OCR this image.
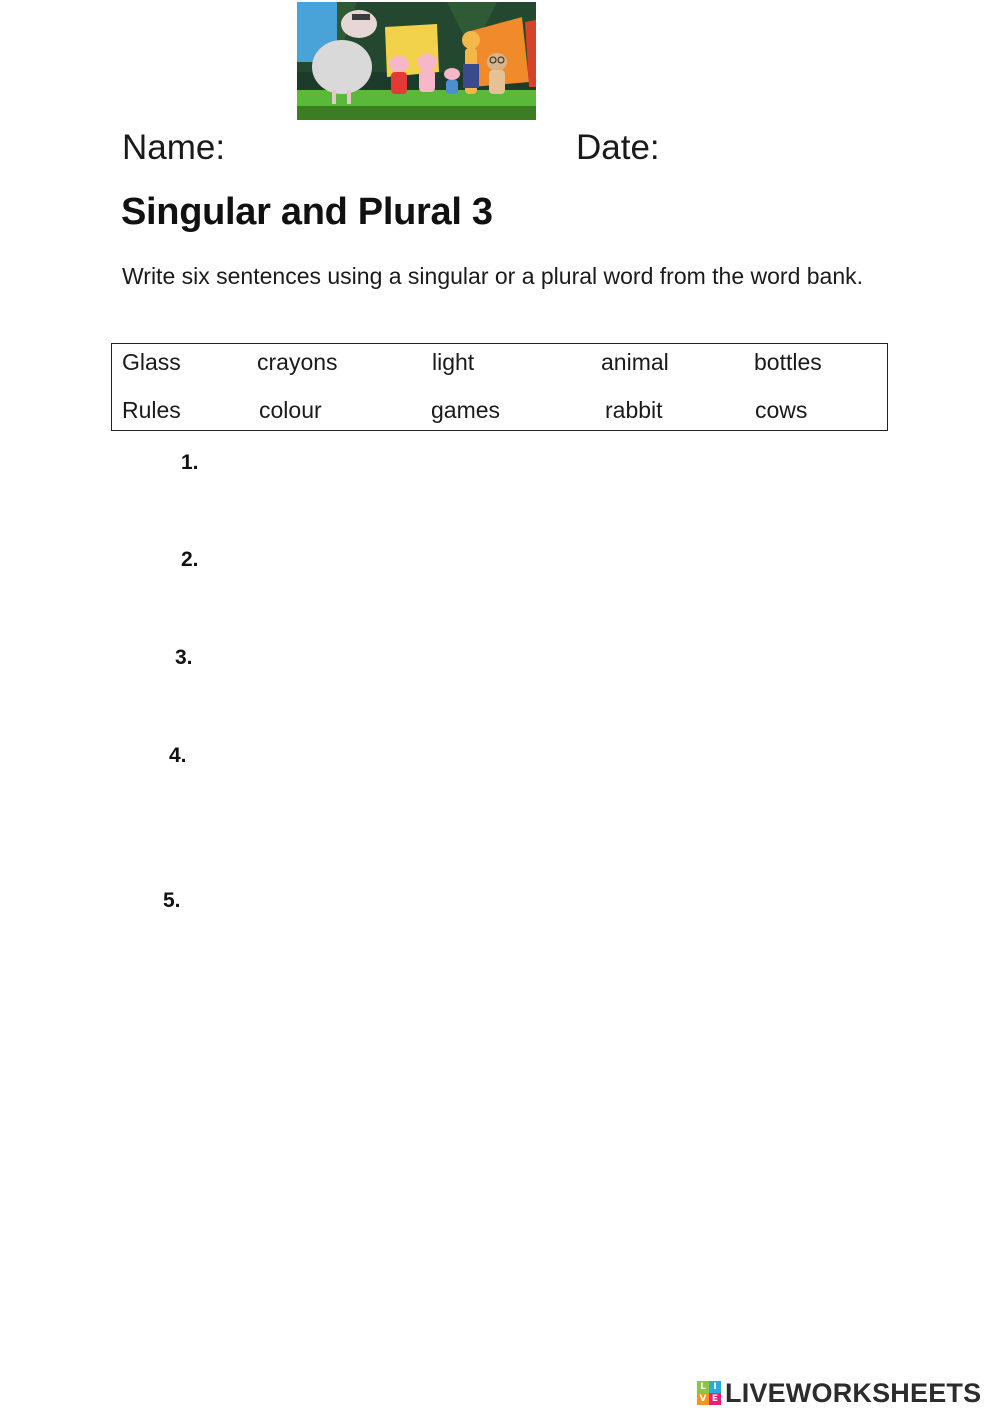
Name:	Date:
Singular and Plural 3
Write six sentences using a singular or a plural word from the word bank.
Glass	crayons	light	animal	bottles
Rules	colour	games	rabbit	cows
1.
2.
3.
4.
5.
L I
V E LIVEWORKSHEETS
